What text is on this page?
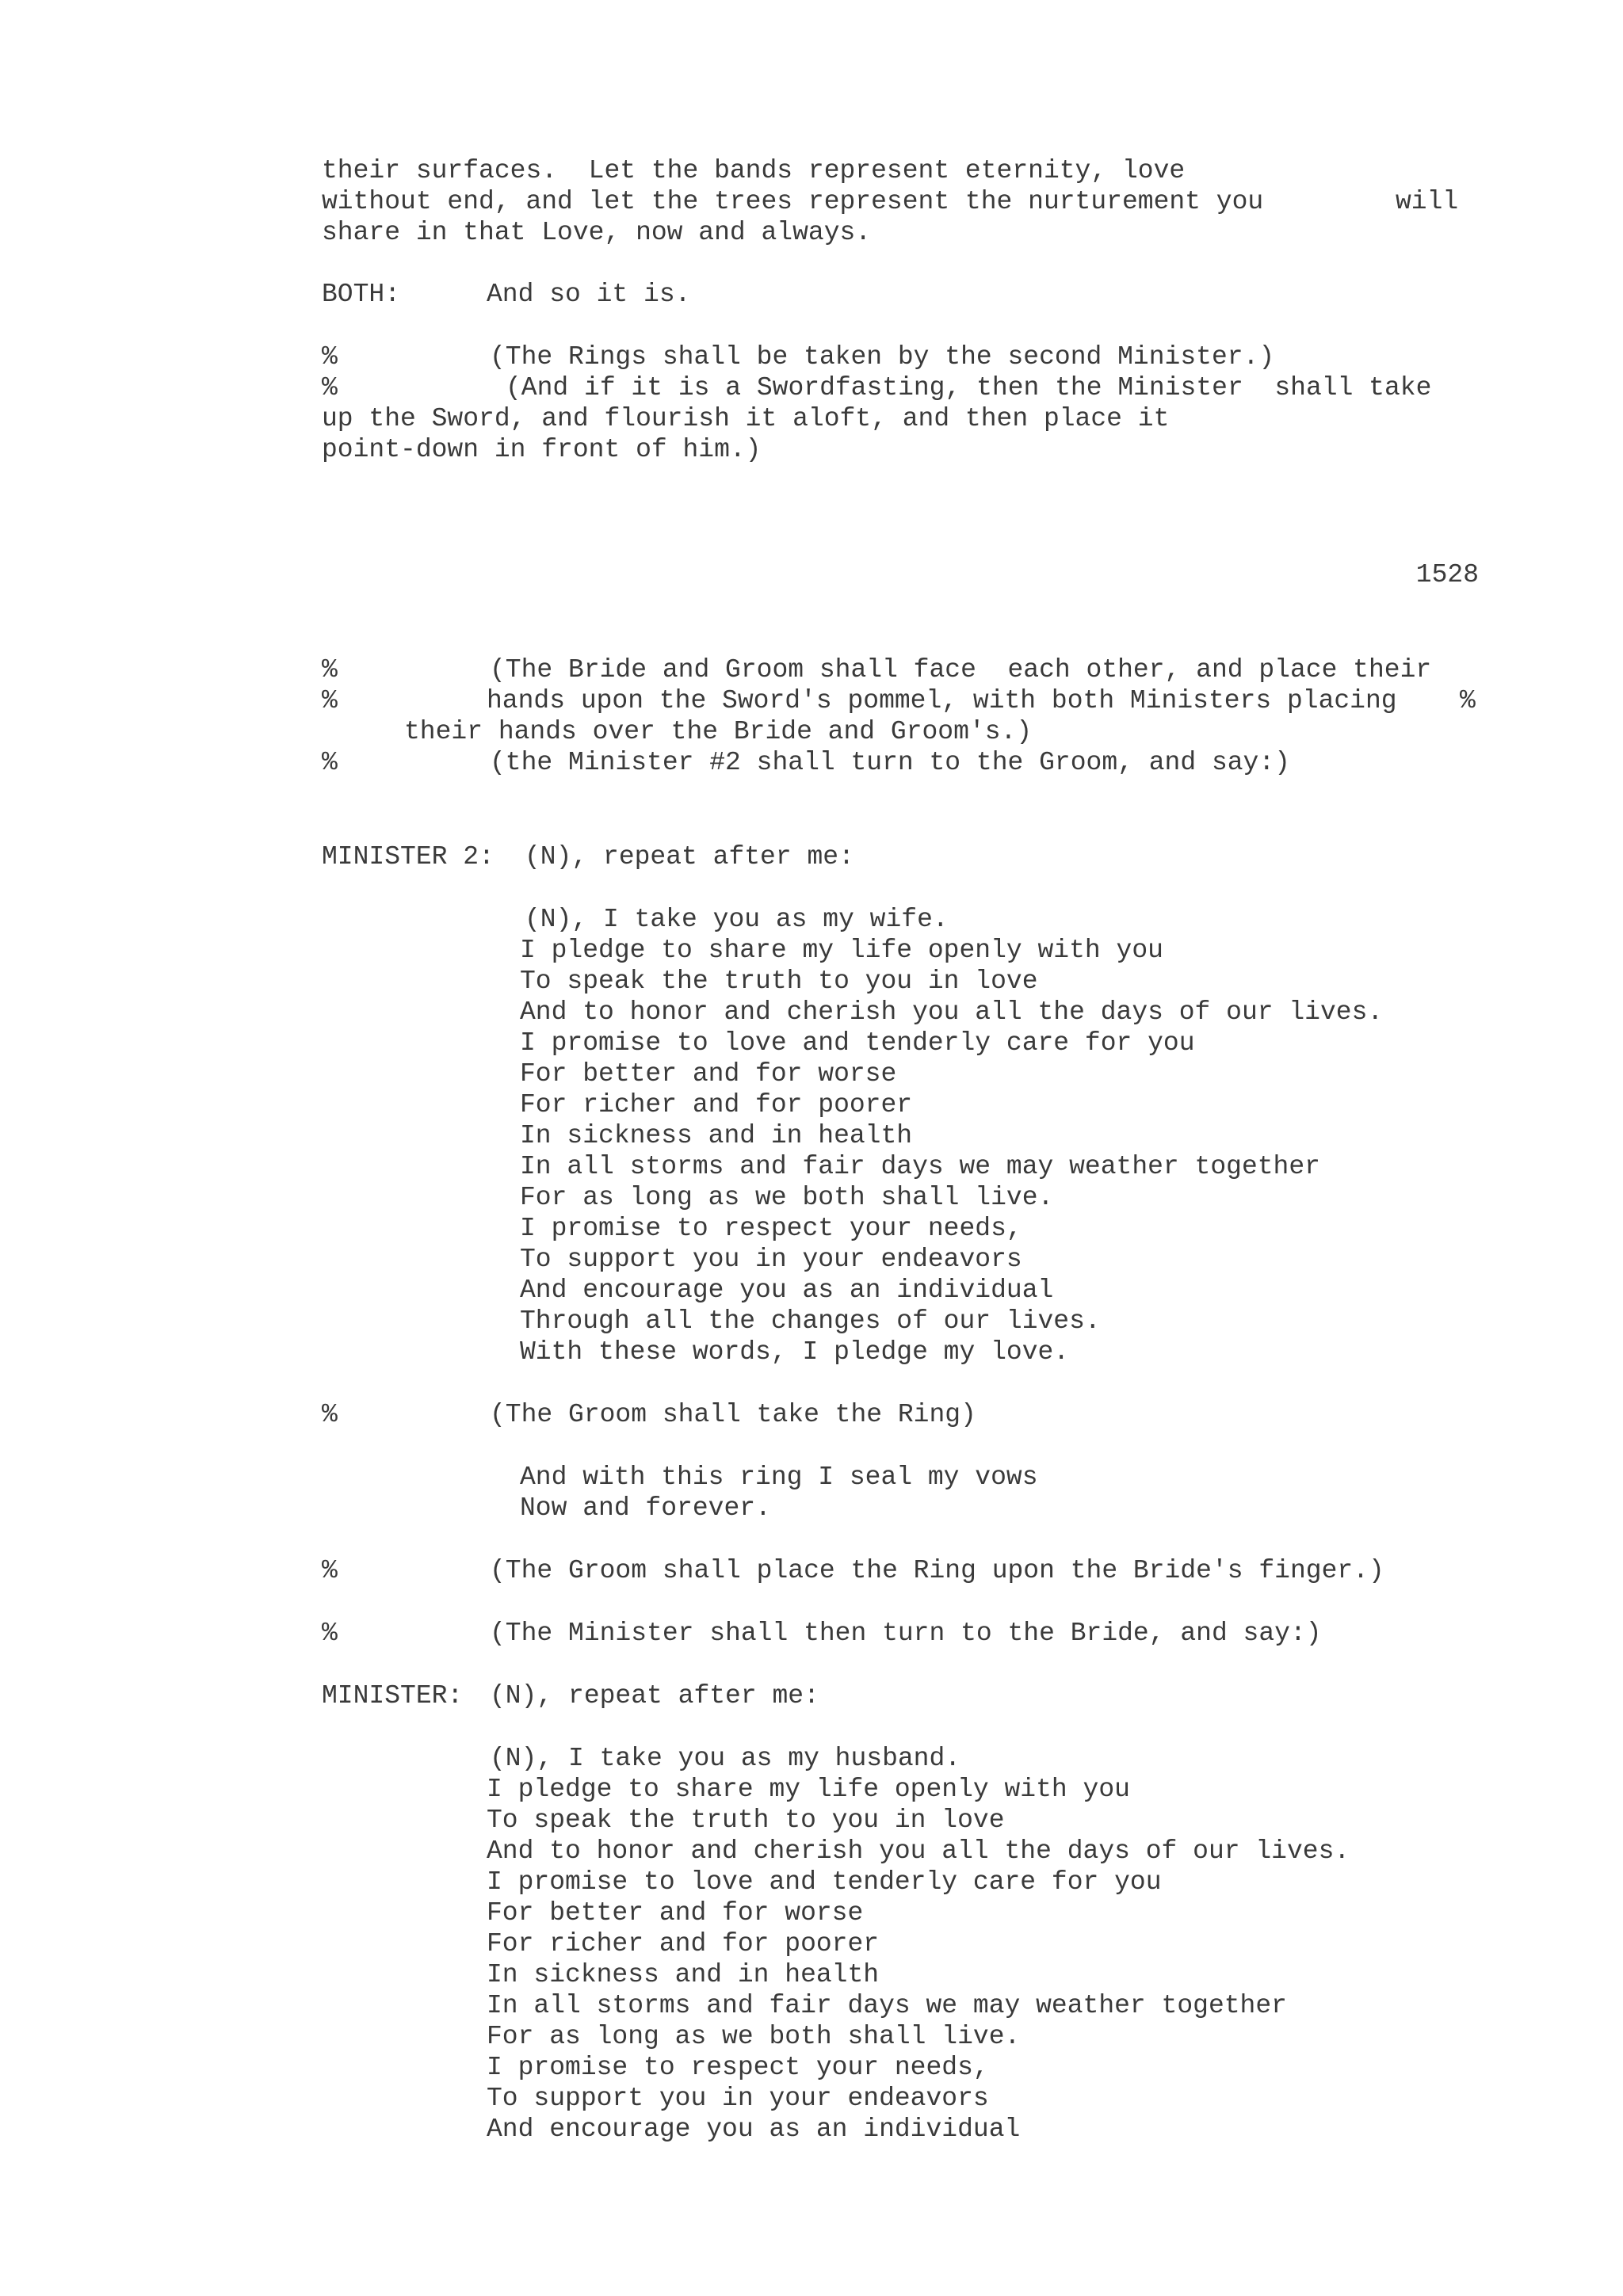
their surfaces.  Let the bands represent eternity, love
without end, and let the trees represent the nurturement you	will
share in that Love, now and always.
BOTH:	And so it is.
%	(The Rings shall be taken by the second Minister.)
%	(And if it is a Swordfasting, then the Minister  shall take
up the Sword, and flourish it aloft, and then place it
point-down in front of him.)
1528
%	(The Bride and Groom shall face  each other, and place their
%	hands upon the Sword's pommel, with both Ministers placing %
their hands over the Bride and Groom's.)
%	(the Minister #2 shall turn to the Groom, and say:)
MINISTER 2: (N), repeat after me:
(N), I take you as my wife.
I pledge to share my life openly with you
To speak the truth to you in love
And to honor and cherish you all the days of our lives.
I promise to love and tenderly care for you
For better and for worse
For richer and for poorer
In sickness and in health
In all storms and fair days we may weather together
For as long as we both shall live.
I promise to respect your needs,
To support you in your endeavors
And encourage you as an individual
Through all the changes of our lives.
With these words, I pledge my love.
%	(The Groom shall take the Ring)
And with this ring I seal my vows
Now and forever.
%	(The Groom shall place the Ring upon the Bride's finger.)
%	(The Minister shall then turn to the Bride, and say:)
MINISTER: (N), repeat after me:
(N), I take you as my husband.
I pledge to share my life openly with you
To speak the truth to you in love
And to honor and cherish you all the days of our lives.
I promise to love and tenderly care for you
For better and for worse
For richer and for poorer
In sickness and in health
In all storms and fair days we may weather together
For as long as we both shall live.
I promise to respect your needs,
To support you in your endeavors
And encourage you as an individual
